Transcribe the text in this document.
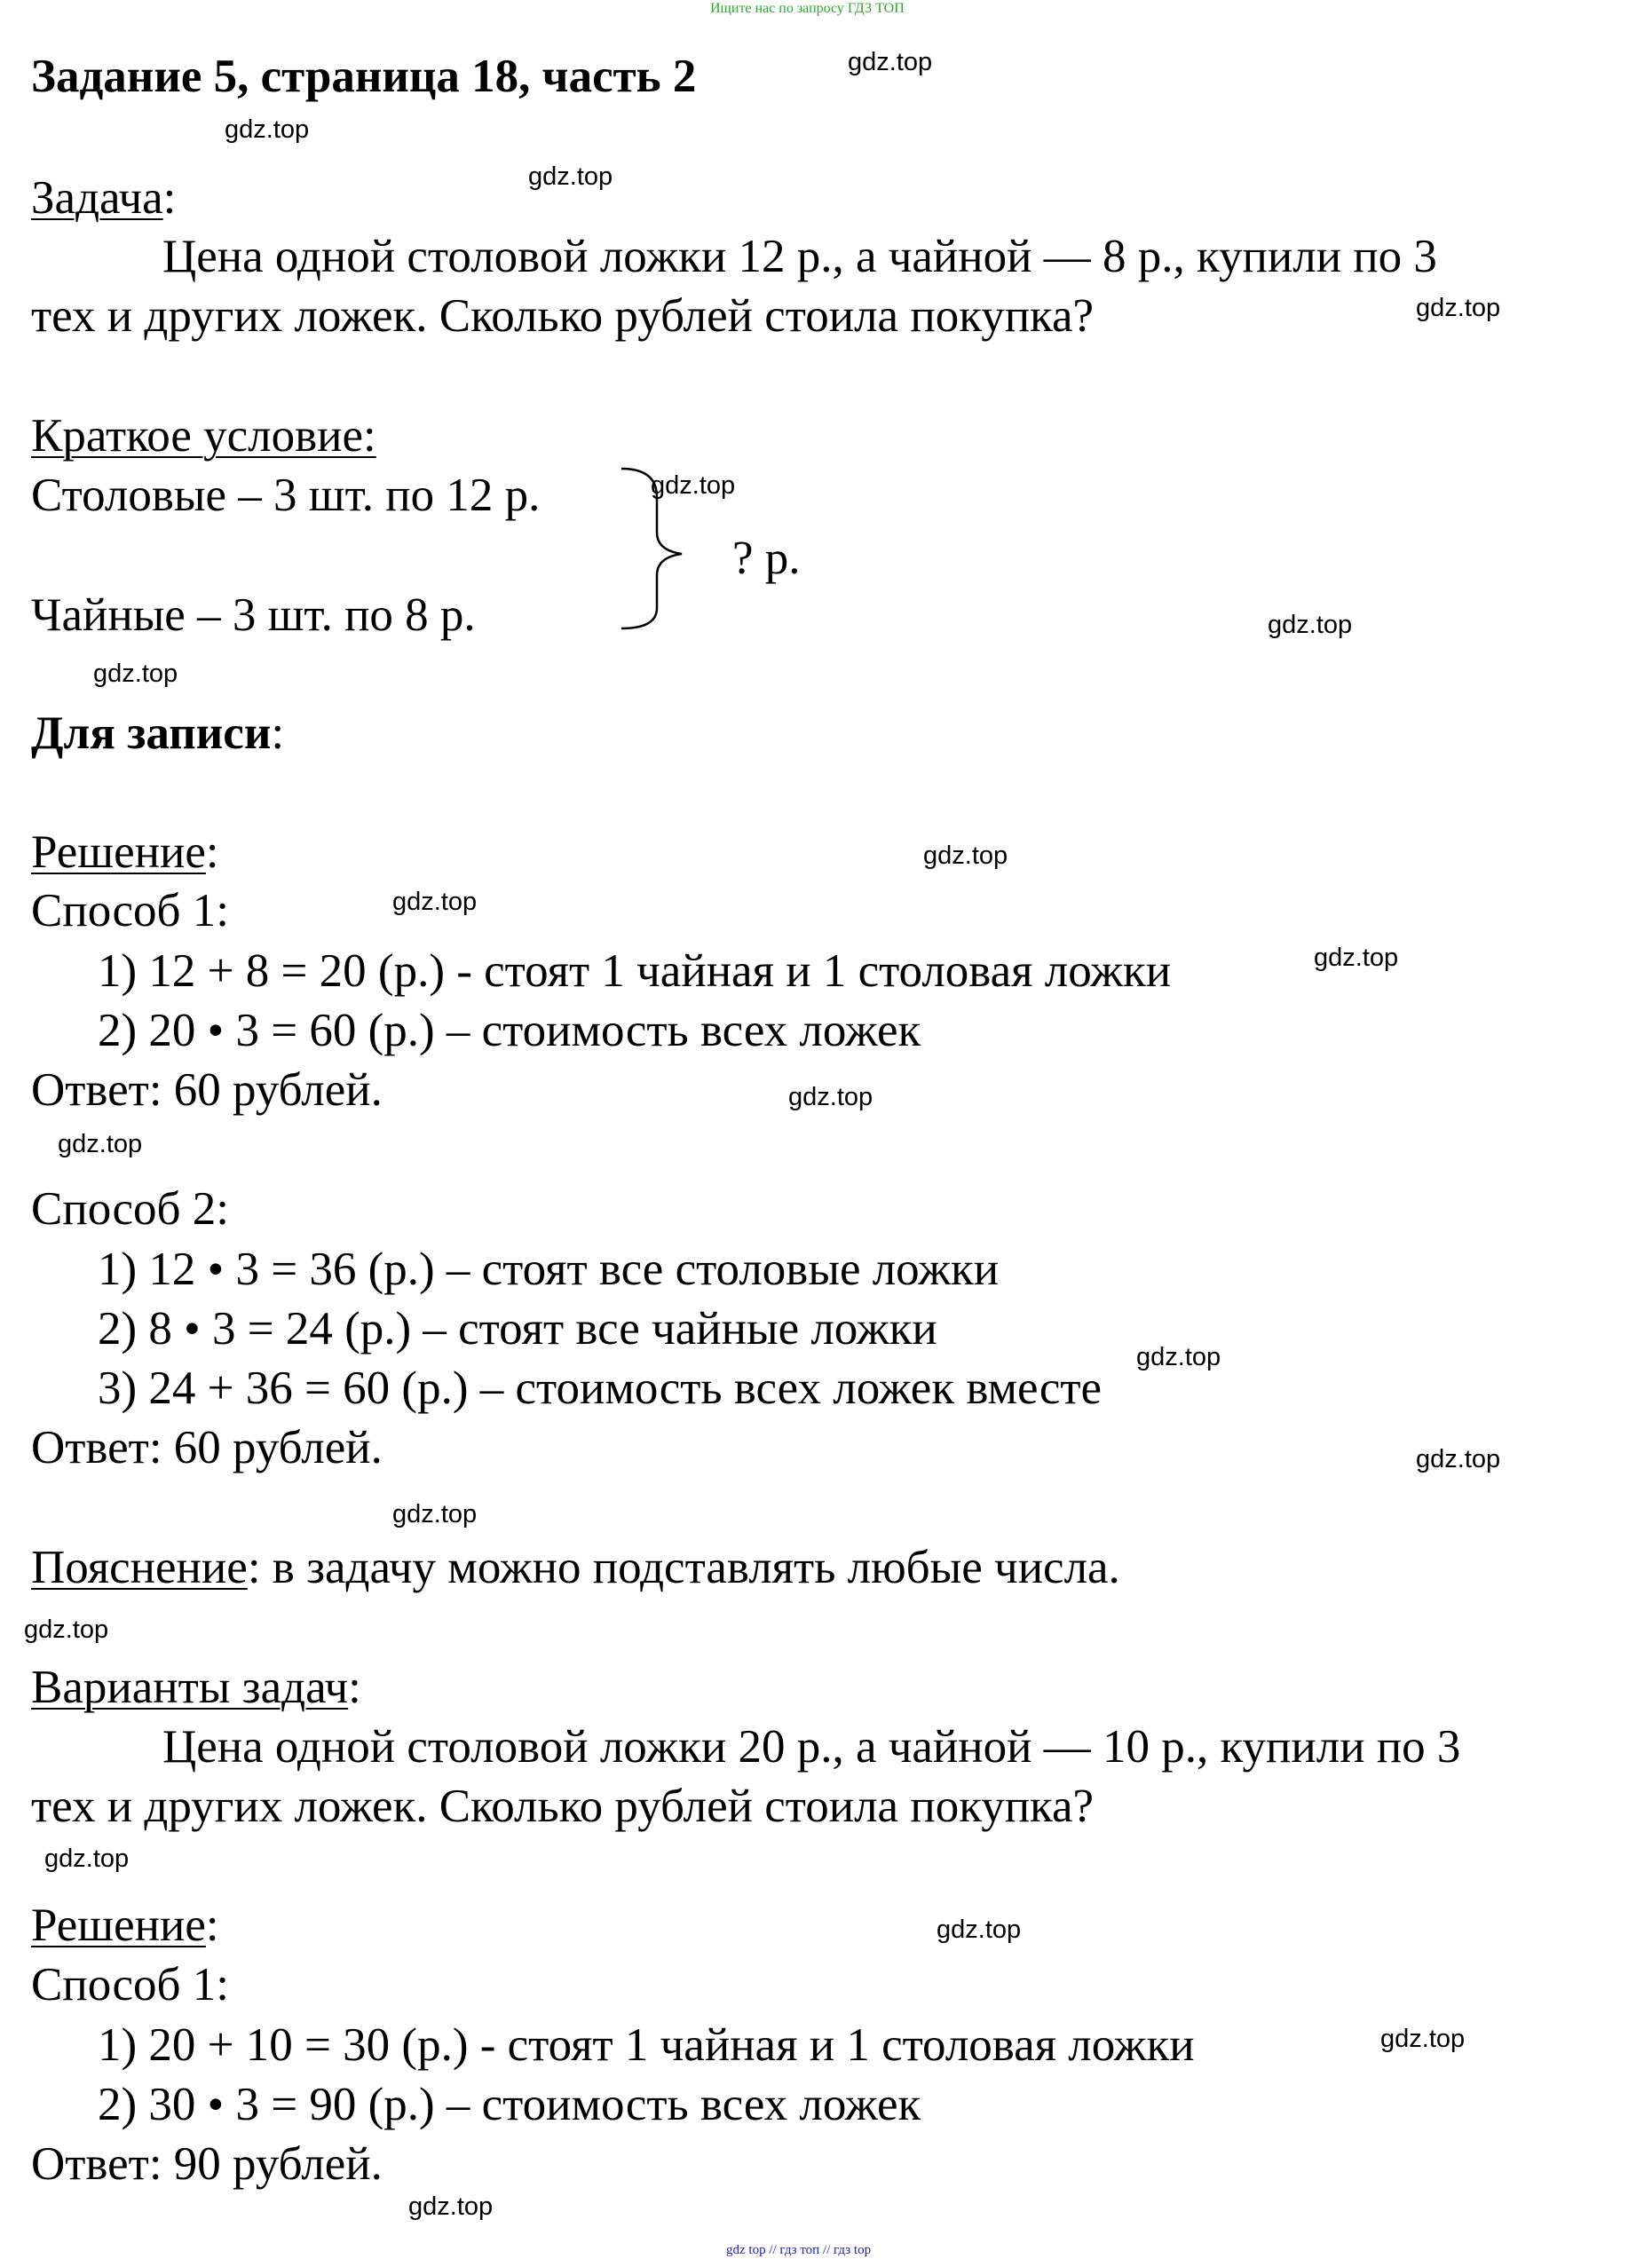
Ищите нас по запросу ГДЗ ТОП
Задание 5, страница 18, часть 2
Задача:
Цена одной столовой ложки 12 р., а чайной — 8 р., купили по 3
тех и других ложек. Сколько рублей стоила покупка?
Краткое условие:
Столовые – 3 шт. по 12 р.
Чайные – 3 шт. по 8 р.
? р.
Для записи:
Решение:
Способ 1:
1) 12 + 8 = 20 (р.) - стоят 1 чайная и 1 столовая ложки
2) 20 • 3 = 60 (р.) – стоимость всех ложек
Ответ: 60 рублей.
Способ 2:
1) 12 • 3 = 36 (р.) – стоят все столовые ложки
2) 8 • 3 = 24 (р.) – стоят все чайные ложки
3) 24 + 36 = 60 (р.) – стоимость всех ложек вместе
Ответ: 60 рублей.
Пояснение: в задачу можно подставлять любые числа.
Варианты задач:
Цена одной столовой ложки 20 р., а чайной — 10 р., купили по 3
тех и других ложек. Сколько рублей стоила покупка?
Решение:
Способ 1:
1) 20 + 10 = 30 (р.) - стоят 1 чайная и 1 столовая ложки
2) 30 • 3 = 90 (р.) – стоимость всех ложек
Ответ: 90 рублей.
gdz.top
gdz.top
gdz.top
gdz.top
gdz.top
gdz.top
gdz.top
gdz.top
gdz.top
gdz.top
gdz.top
gdz.top
gdz.top
gdz.top
gdz.top
gdz.top
gdz.top
gdz.top
gdz.top
gdz.top
gdz top // гдз топ // гдз top
